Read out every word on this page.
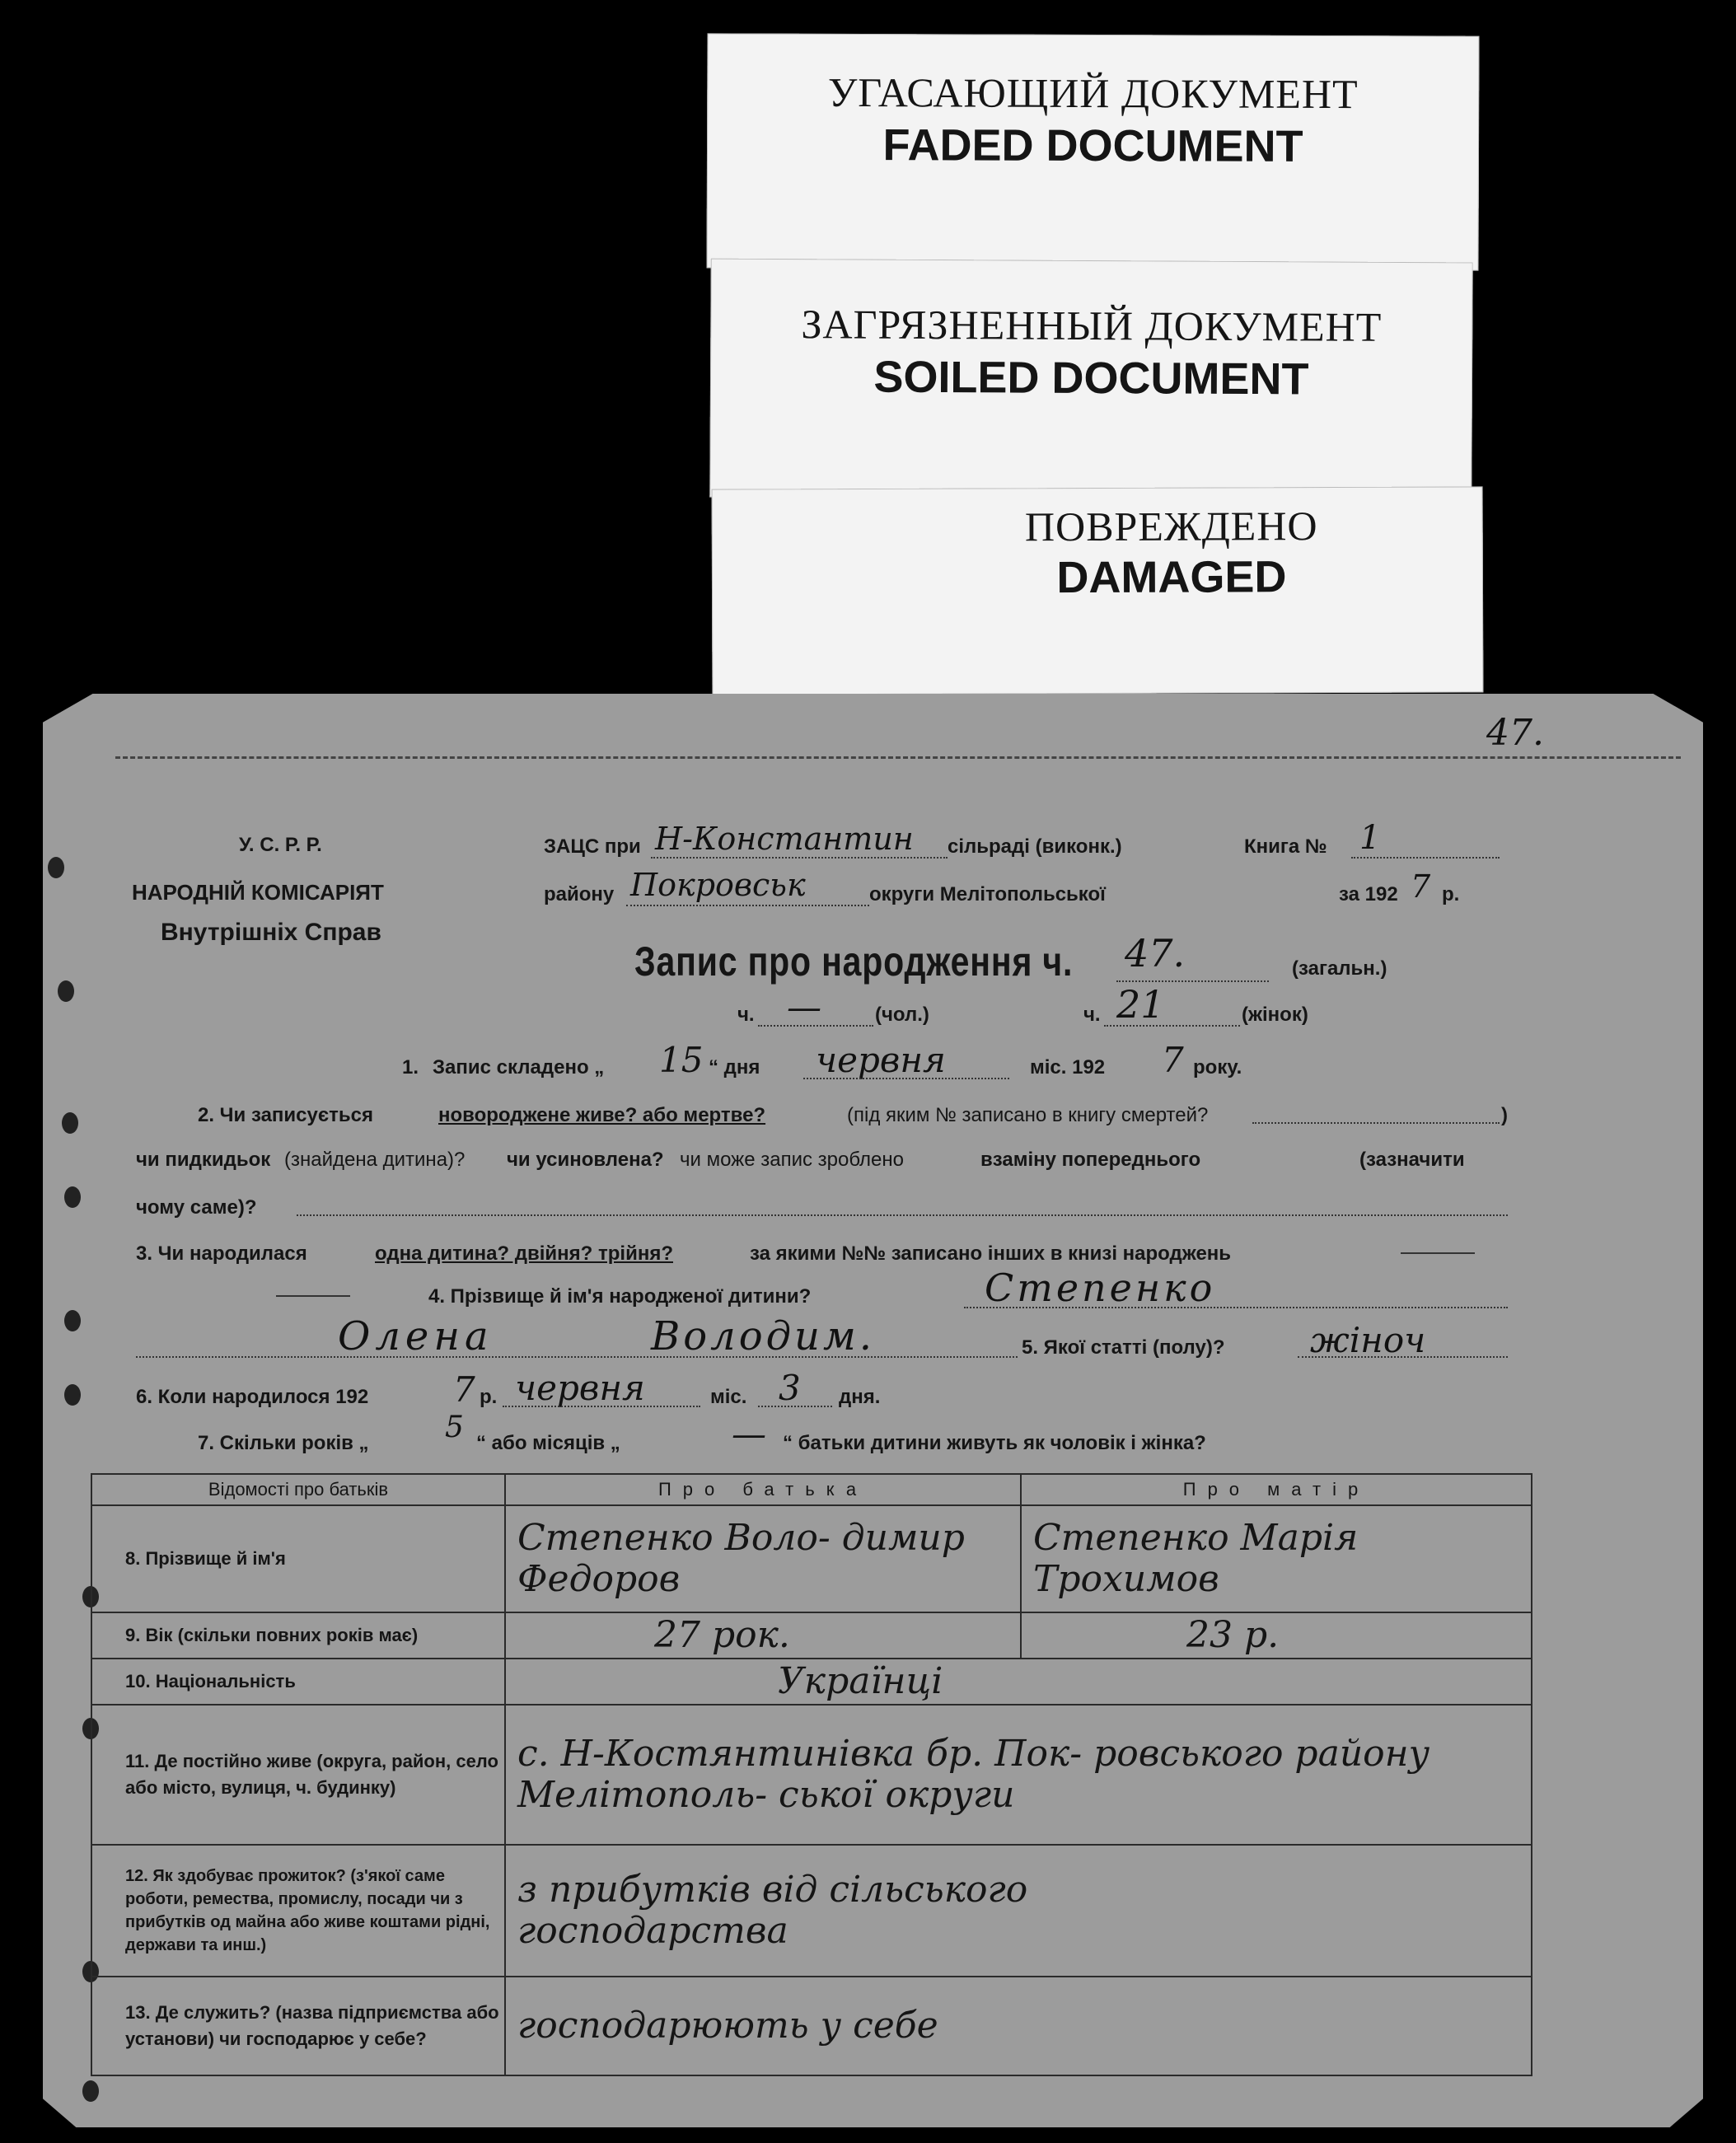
УГАСАЮЩИЙ ДОКУМЕНТ
FADED DOCUMENT
ЗАГРЯЗНЕННЫЙ ДОКУМЕНТ
SOILED DOCUMENT
ПОВРЕЖДЕНО
DAMAGED
47.
У. С. Р. Р.
НАРОДНІЙ КОМІСАРІЯТ
Внутрішніх Справ
ЗАЦС при Н-Константин сільраді (виконк.)	Книга № 1
району Покровськ	округи Мелітопольської	за 192 7 р.
Запис про народження ч. 47.	(загальн.)
ч. —	(чол.)	ч. 21	(жінок)
1. Запис складено „ 15 “ дня червня	міс. 192 7 року.
2. Чи записується	новороджене живе? або мертве?	(під яким № записано в книгу смертей?	)
чи пидкидьок (знайдена дитина)? чи усиновлена? чи може запис зроблено	взаміну попереднього	(зазначити
чому саме)?
3. Чи народилася	одна дитина? двійня? трійня?	за якими №№ записано інших в книзі народжень
4. Прізвище й ім'я народженої дитини?	Степенко
Олена	Володим.	5. Якої статті (полу)? жіноч
6. Коли народилося 192 7 р. червня	міс. 3 дня.
7. Скільки років „	5 “ або місяців „	— “ батьки дитини живуть як чоловік і жінка?
Відомості про батьків	Про батька	Про матір
8. Прізвище й ім'я	Степенко Воло- димир Федоров	Степенко Марія Трохимов
9. Вік (скільки повних років має)	27 рок.	23 р.
10. Національність	Українці	
11. Де постійно живе (округа, район, село або місто, вулиця, ч. будинку)	с. Н-Костянтинівка бр. Пок- ровського району Мелітополь- ської округи	
12. Як здобуває прожиток? (з'якої саме роботи, ремества, промислу, посади чи з прибутків од майна або живе коштами рідні, держави та инш.)	з прибутків від сільського господарства	
13. Де служить? (назва підприємства або установи) чи господарює у себе?	господарюють у себе	
